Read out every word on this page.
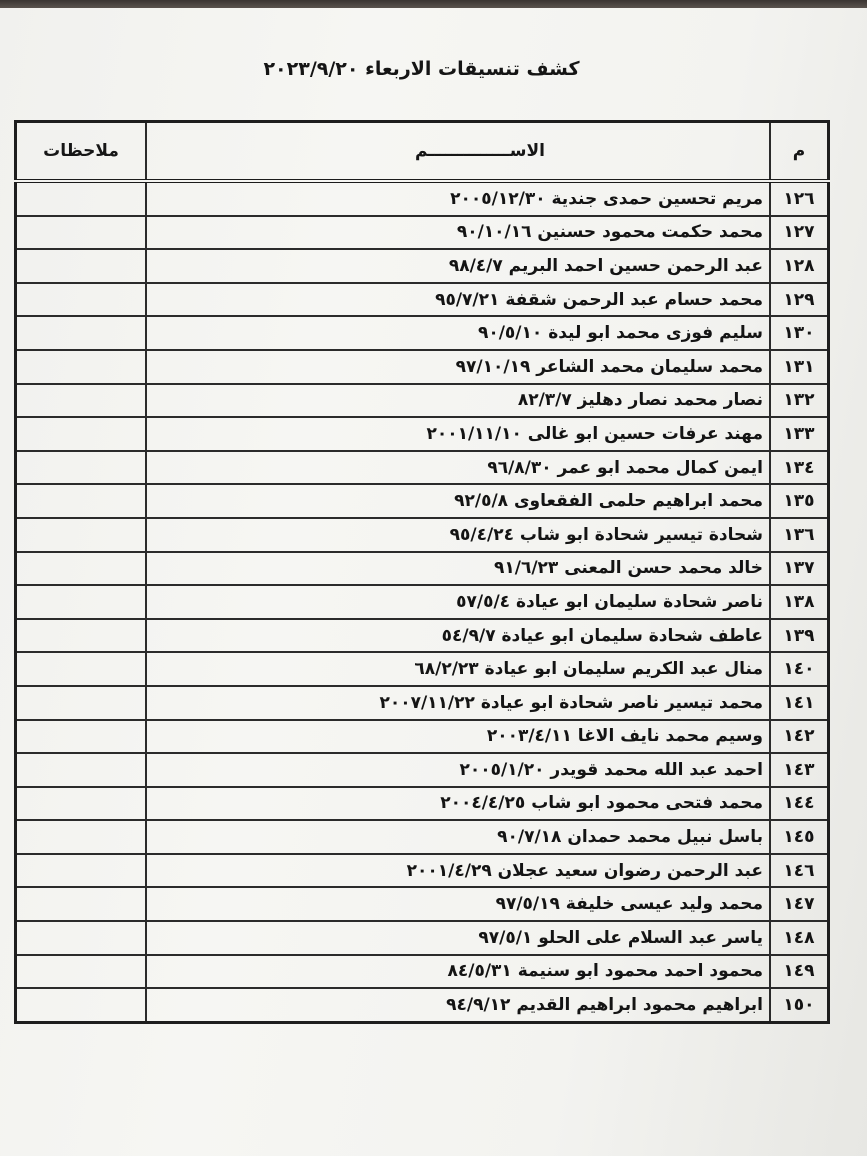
كشف تنسيقات الاربعاء ٢٠٢٣/٩/٢٠
م	الاســــــــــــــم	ملاحظات
١٢٦	مريم تحسين حمدى جندية ٢٠٠٥/١٢/٣٠	
١٢٧	محمد حكمت محمود حسنين ٩٠/١٠/١٦	
١٢٨	عبد الرحمن حسين احمد البريم ٩٨/٤/٧	
١٢٩	محمد حسام عبد الرحمن شقفة ٩٥/٧/٢١	
١٣٠	سليم فوزى محمد ابو ليدة ٩٠/٥/١٠	
١٣١	محمد سليمان محمد الشاعر ٩٧/١٠/١٩	
١٣٢	نصار محمد نصار دهليز ٨٢/٣/٧	
١٣٣	مهند عرفات حسين ابو غالى ٢٠٠١/١١/١٠	
١٣٤	ايمن كمال محمد ابو عمر ٩٦/٨/٣٠	
١٣٥	محمد ابراهيم حلمى الفقعاوى ٩٢/٥/٨	
١٣٦	شحادة تيسير شحادة ابو شاب ٩٥/٤/٢٤	
١٣٧	خالد محمد حسن المعنى ٩١/٦/٢٣	
١٣٨	ناصر شحادة سليمان ابو عيادة ٥٧/٥/٤	
١٣٩	عاطف شحادة سليمان ابو عيادة ٥٤/٩/٧	
١٤٠	منال عبد الكريم سليمان ابو عيادة ٦٨/٢/٢٣	
١٤١	محمد تيسير ناصر شحادة ابو عيادة ٢٠٠٧/١١/٢٢	
١٤٢	وسيم محمد نايف الاغا ٢٠٠٣/٤/١١	
١٤٣	احمد عبد الله محمد قويدر ٢٠٠٥/١/٢٠	
١٤٤	محمد فتحى محمود ابو شاب ٢٠٠٤/٤/٢٥	
١٤٥	باسل نبيل محمد حمدان ٩٠/٧/١٨	
١٤٦	عبد الرحمن رضوان سعيد عجلان ٢٠٠١/٤/٢٩	
١٤٧	محمد وليد عيسى خليفة ٩٧/٥/١٩	
١٤٨	ياسر عبد السلام على الحلو ٩٧/٥/١	
١٤٩	محمود احمد محمود ابو سنيمة ٨٤/٥/٣١	
١٥٠	ابراهيم محمود ابراهيم القديم ٩٤/٩/١٢	
